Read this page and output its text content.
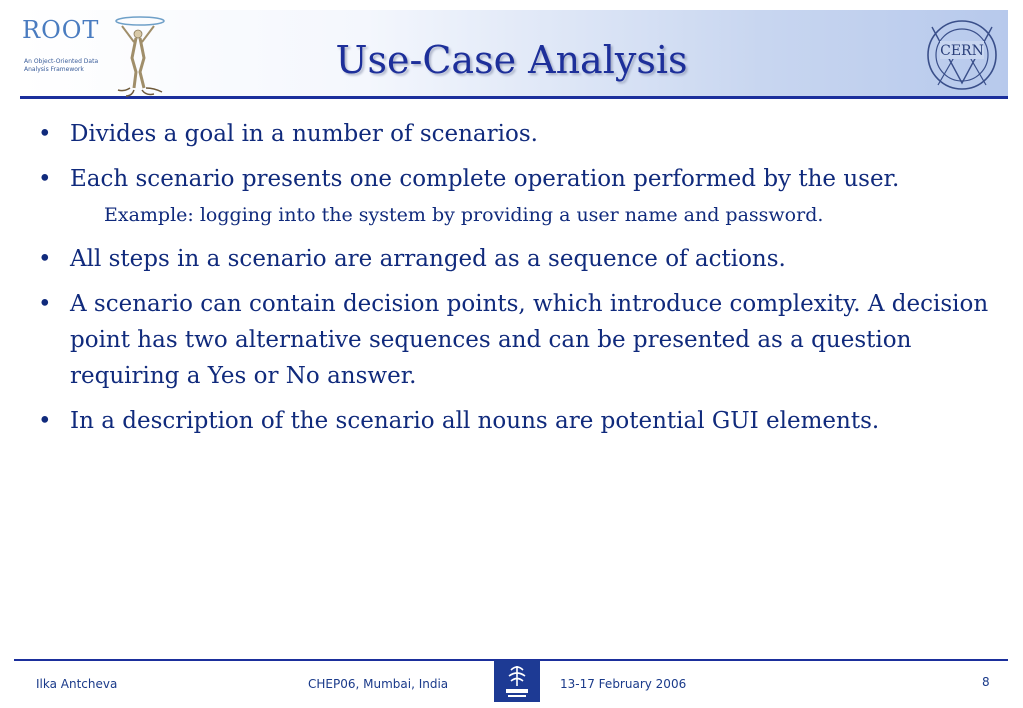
ROOT
An Object-Oriented Data Analysis Framework	Use-Case Analysis	CERN
• Divides a goal in a number of scenarios.
• Each scenario presents one complete operation performed by the user.
Example: logging into the system by providing a user name and password.
• All steps in a scenario are arranged as a sequence of actions.
• A scenario can contain decision points, which introduce complexity. A decision point has two alternative sequences and can be presented as a question requiring a Yes or No answer.
• In a description of the scenario all nouns are potential GUI elements.
Ilka Antcheva	CHEP06, Mumbai, India	13-17 February 2006	8
